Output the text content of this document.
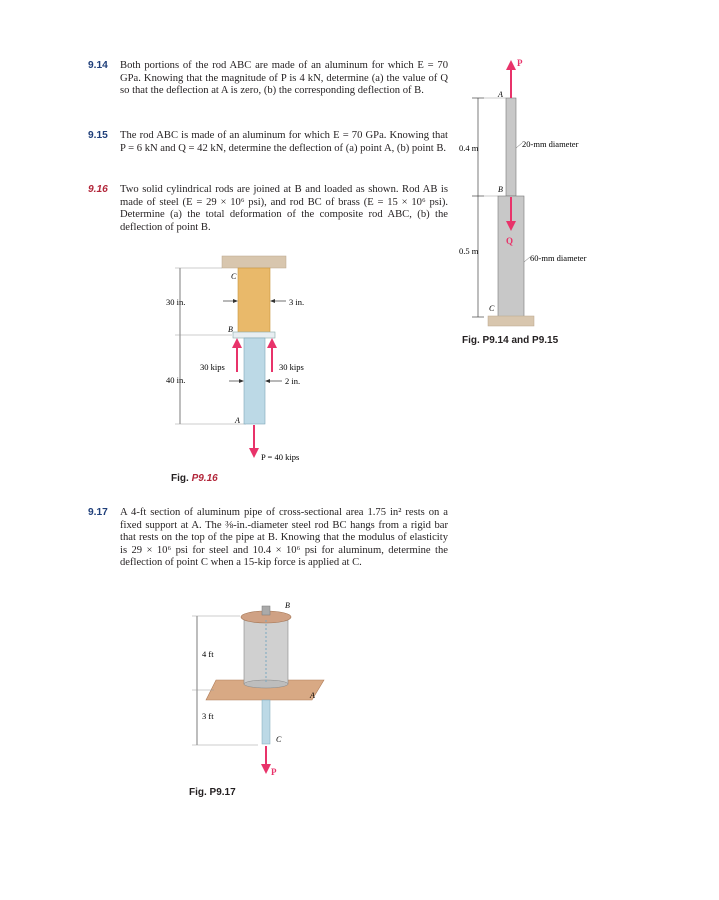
9.14 Both portions of the rod ABC are made of an aluminum for which E = 70 GPa. Knowing that the magnitude of P is 4 kN, determine (a) the value of Q so that the deflection at A is zero, (b) the corresponding deflection of B.
9.15 The rod ABC is made of an aluminum for which E = 70 GPa. Knowing that P = 6 kN and Q = 42 kN, determine the deflection of (a) point A, (b) point B.
9.16 Two solid cylindrical rods are joined at B and loaded as shown. Rod AB is made of steel (E = 29 × 10⁶ psi), and rod BC of brass (E = 15 × 10⁶ psi). Determine (a) the total deformation of the composite rod ABC, (b) the deflection of point B.
9.17 A 4-ft section of aluminum pipe of cross-sectional area 1.75 in² rests on a fixed support at A. The ⅜-in.-diameter steel rod BC hangs from a rigid bar that rests on the top of the pipe at B. Knowing that the modulus of elasticity is 29 × 10⁶ psi for steel and 10.4 × 10⁶ psi for aluminum, determine the deflection of point C when a 15-kip force is applied at C.
P
A
B
Q
C
0.4 m
0.5 m
20-mm diameter
60-mm diameter
Fig. P9.14 and P9.15
C
B
A
30 in.
40 in.
3 in.
2 in.
30 kips	30 kips
P = 40 kips
Fig. P9.16
B
A
C
P
4 ft
3 ft
Fig. P9.17
